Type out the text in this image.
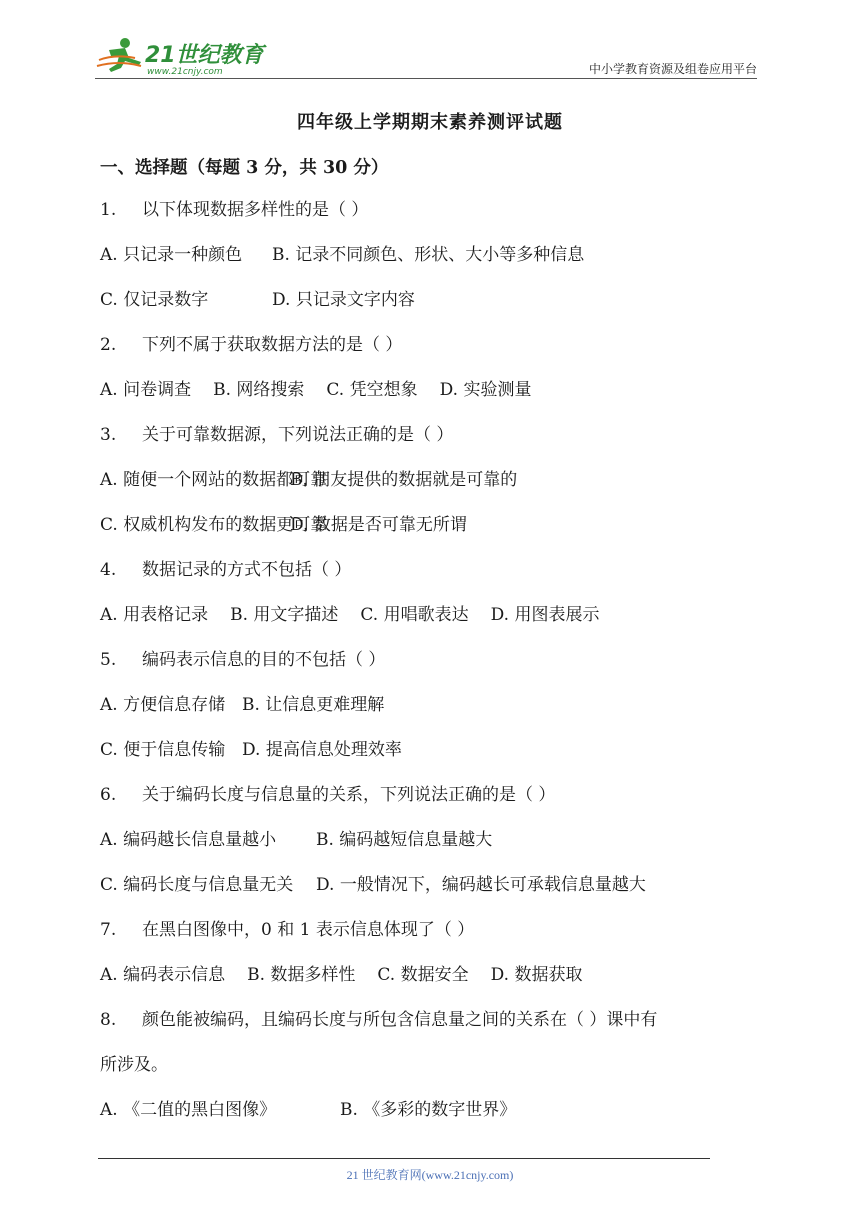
21世纪教育
www.21cnjy.com	中小学教育资源及组卷应用平台
四年级上学期期末素养测评试题
一、选择题（每题 3 分，共 30 分）
1. 以下体现数据多样性的是（ ）
A. 只记录一种颜色 B. 记录不同颜色、形状、大小等多种信息
C. 仅记录数字	D. 只记录文字内容
2. 下列不属于获取数据方法的是（ ）
A. 问卷调查 B. 网络搜索 C. 凭空想象 D. 实验测量
3. 关于可靠数据源，下列说法正确的是（ ）
A. 随便一个网站的数据都可靠
B. 朋友提供的数据就是可靠的
C. 权威机构发布的数据更可靠
D. 数据是否可靠无所谓
4. 数据记录的方式不包括（ ）
A. 用表格记录 B. 用文字描述 C. 用唱歌表达 D. 用图表展示
5. 编码表示信息的目的不包括（ ）
A. 方便信息存储 B. 让信息更难理解
C. 便于信息传输 D. 提高信息处理效率
6. 关于编码长度与信息量的关系，下列说法正确的是（ ）
A. 编码越长信息量越小 B. 编码越短信息量越大
C. 编码长度与信息量无关 D. 一般情况下，编码越长可承载信息量越大
7. 在黑白图像中，0 和 1 表示信息体现了（ ）
A. 编码表示信息 B. 数据多样性 C. 数据安全 D. 数据获取
8. 颜色能被编码，且编码长度与所包含信息量之间的关系在（ ）课中有
所涉及。
A. 《二值的黑白图像》	B. 《多彩的数字世界》
21 世纪教育网(www.21cnjy.com)
